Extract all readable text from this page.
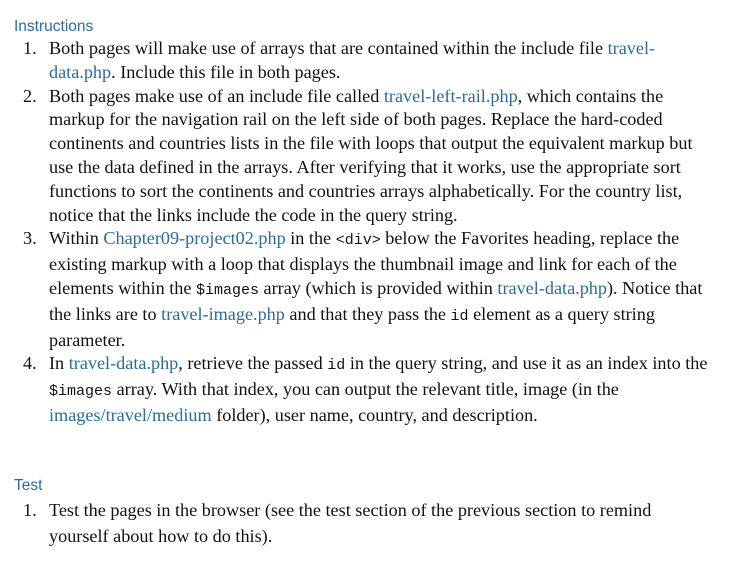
Instructions
1. Both pages will make use of arrays that are contained within the include file travel-data.php. Include this file in both pages.
2. Both pages make use of an include file called travel-left-rail.php, which contains the markup for the navigation rail on the left side of both pages. Replace the hard-coded continents and countries lists in the file with loops that output the equivalent markup but use the data defined in the arrays. After verifying that it works, use the appropriate sort functions to sort the continents and countries arrays alphabetically. For the country list, notice that the links include the code in the query string.
3. Within Chapter09-project02.php in the <div> below the Favorites heading, replace the existing markup with a loop that displays the thumbnail image and link for each of the elements within the $images array (which is provided within travel-data.php). Notice that the links are to travel-image.php and that they pass the id element as a query string parameter.
4. In travel-data.php, retrieve the passed id in the query string, and use it as an index into the $images array. With that index, you can output the relevant title, image (in the images/travel/medium folder), user name, country, and description.
Test
1. Test the pages in the browser (see the test section of the previous section to remind yourself about how to do this).
